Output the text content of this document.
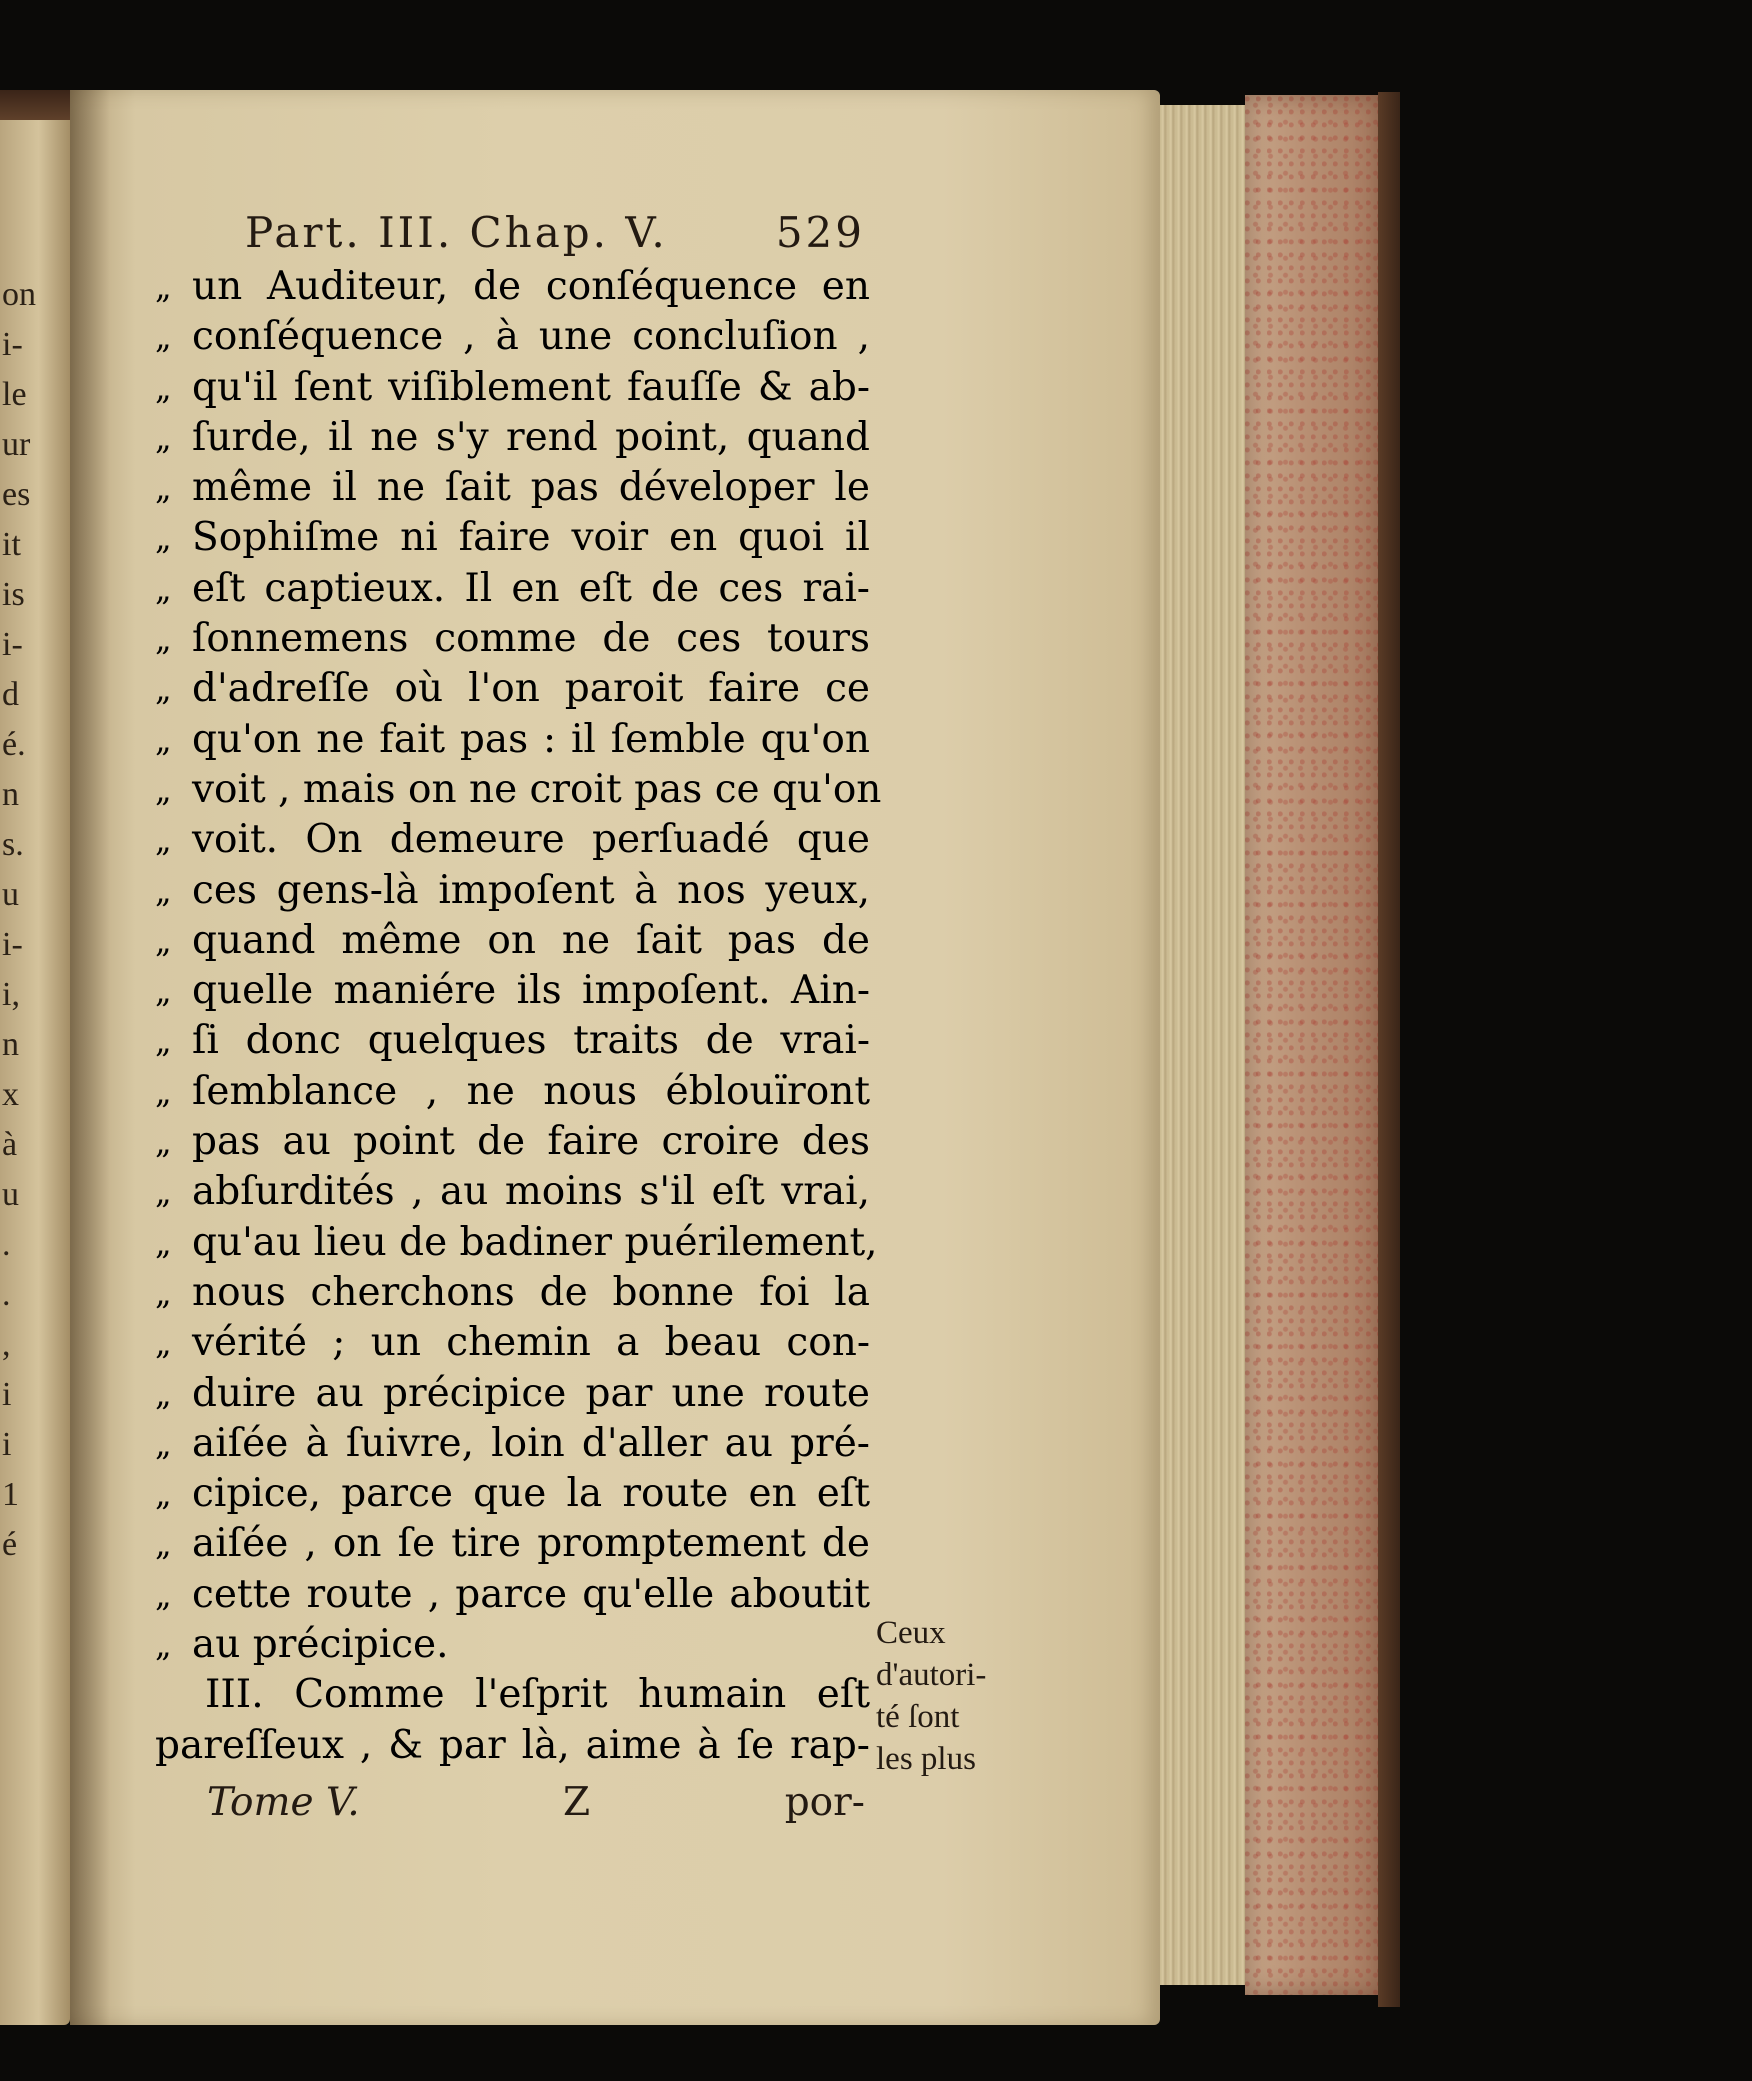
on
i-
le
ur
es
it
is
i-
d
é.
n
s.
u
i-
i,
n
x
à
u
.
.
,
i
i
1
é
Part. III. Chap. V.	529
„ un Auditeur, de conſéquence en
„ conſéquence , à une concluſion ,
„ qu'il ſent viſiblement fauſſe & ab-
„ ſurde, il ne s'y rend point, quand
„ même il ne ſait pas déveloper le
„ Sophiſme ni faire voir en quoi il
„ eſt captieux. Il en eſt de ces rai-
„ ſonnemens comme de ces tours
„ d'adreſſe où l'on paroit faire ce
„ qu'on ne fait pas : il ſemble qu'on
„ voit , mais on ne croit pas ce qu'on
„ voit. On demeure perſuadé que
„ ces gens-là impoſent à nos yeux,
„ quand même on ne ſait pas de
„ quelle maniére ils impoſent. Ain-
„ ſi donc quelques traits de vrai-
„ ſemblance , ne nous éblouïront
„ pas au point de faire croire des
„ abſurdités , au moins s'il eſt vrai,
„ qu'au lieu de badiner puérilement,
„ nous cherchons de bonne foi la
„ vérité ; un chemin a beau con-
„ duire au précipice par une route
„ aiſée à ſuivre, loin d'aller au pré-
„ cipice, parce que la route en eſt
„ aiſée , on ſe tire promptement de
„ cette route , parce qu'elle aboutit
„ au précipice.
III. Comme l'eſprit humain eſt
pareſſeux , & par là, aime à ſe rap-
Tome V.	Z	por-
Ceux
d'autori-
té ſont
les plus
